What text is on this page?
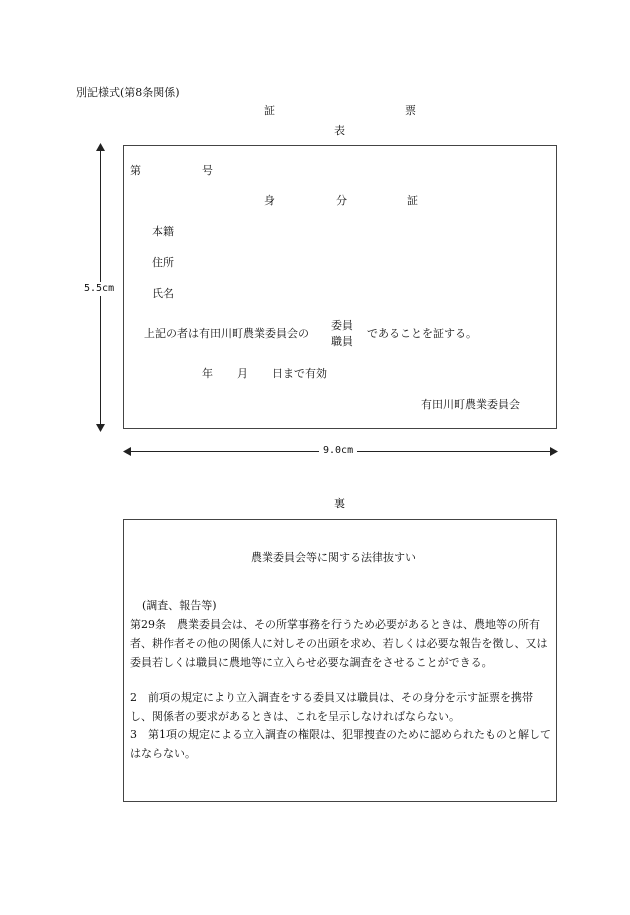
別記様式(第8条関係)
証	票
表
5.5cm
第	号
身	分	証
本籍
住所
氏名
上記の者は有田川町農業委員会の
委員
職員
であることを証する。
年 月 日まで有効
有田川町農業委員会
9.0cm
裏
農業委員会等に関する法律抜すい
(調査、報告等)
第29条　農業委員会は、その所掌事務を行うため必要があるときは、農地等の所有者、耕作者その他の関係人に対しその出頭を求め、若しくは必要な報告を徴し、又は委員若しくは職員に農地等に立入らせ必要な調査をさせることができる。
2　前項の規定により立入調査をする委員又は職員は、その身分を示す証票を携帯し、関係者の要求があるときは、これを呈示しなければならない。
3　第1項の規定による立入調査の権限は、犯罪捜査のために認められたものと解してはならない。
